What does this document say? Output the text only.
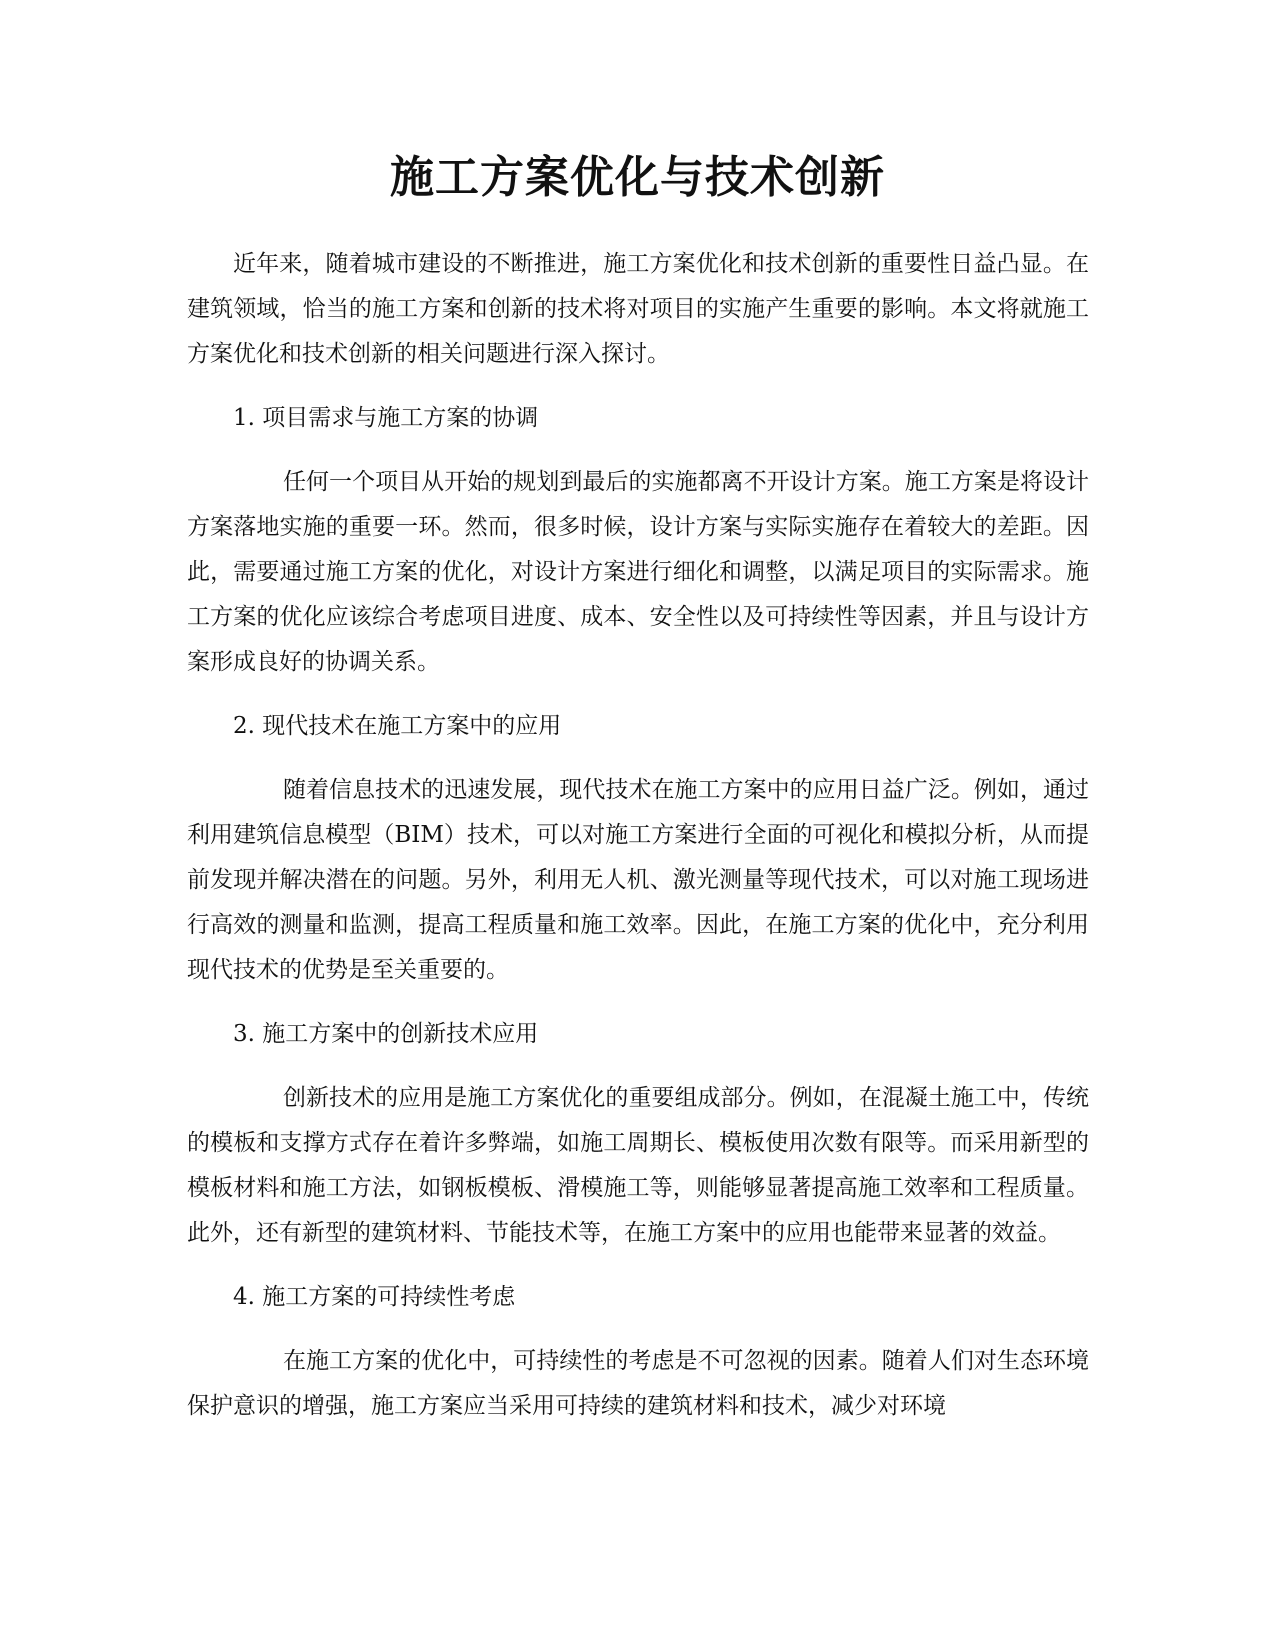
施工方案优化与技术创新

近年来，随着城市建设的不断推进，施工方案优化和技术创新的重要性日益凸显。在建筑领域，恰当的施工方案和创新的技术将对项目的实施产生重要的影响。本文将就施工方案优化和技术创新的相关问题进行深入探讨。

1. 项目需求与施工方案的协调

任何一个项目从开始的规划到最后的实施都离不开设计方案。施工方案是将设计方案落地实施的重要一环。然而，很多时候，设计方案与实际实施存在着较大的差距。因此，需要通过施工方案的优化，对设计方案进行细化和调整，以满足项目的实际需求。施工方案的优化应该综合考虑项目进度、成本、安全性以及可持续性等因素，并且与设计方案形成良好的协调关系。

2. 现代技术在施工方案中的应用

随着信息技术的迅速发展，现代技术在施工方案中的应用日益广泛。例如，通过利用建筑信息模型（BIM）技术，可以对施工方案进行全面的可视化和模拟分析，从而提前发现并解决潜在的问题。另外，利用无人机、激光测量等现代技术，可以对施工现场进行高效的测量和监测，提高工程质量和施工效率。因此，在施工方案的优化中，充分利用现代技术的优势是至关重要的。

3. 施工方案中的创新技术应用

创新技术的应用是施工方案优化的重要组成部分。例如，在混凝土施工中，传统的模板和支撑方式存在着许多弊端，如施工周期长、模板使用次数有限等。而采用新型的模板材料和施工方法，如钢板模板、滑模施工等，则能够显著提高施工效率和工程质量。此外，还有新型的建筑材料、节能技术等，在施工方案中的应用也能带来显著的效益。

4. 施工方案的可持续性考虑

在施工方案的优化中，可持续性的考虑是不可忽视的因素。随着人们对生态环境保护意识的增强，施工方案应当采用可持续的建筑材料和技术，减少对环境
